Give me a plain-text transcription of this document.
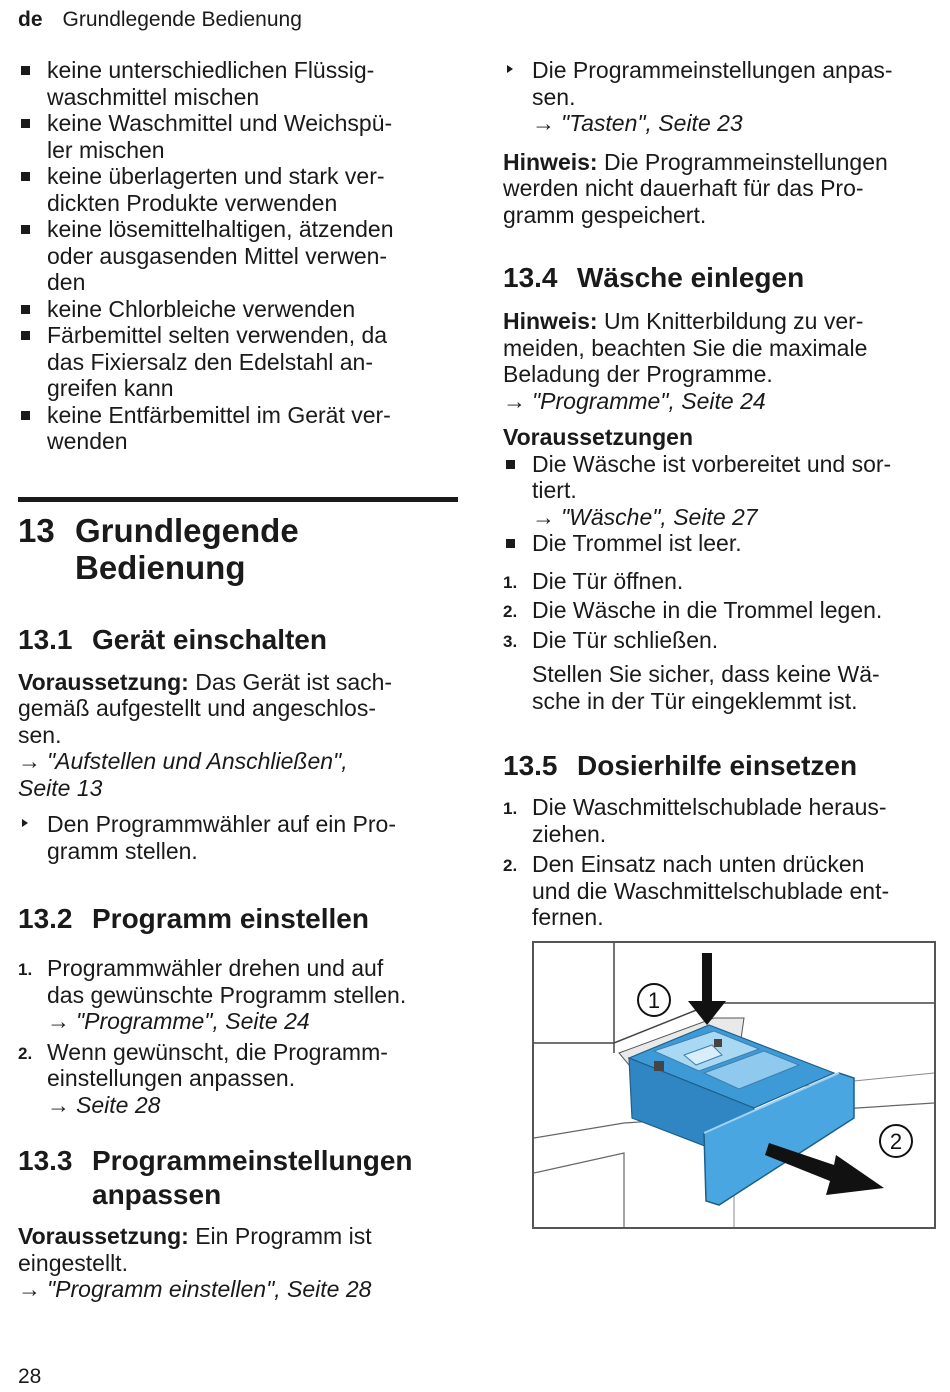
de Grundlegende Bedienung
keine unterschiedlichen Flüssig-
waschmittel mischen
keine Waschmittel und Weichspü-
ler mischen
keine überlagerten und stark ver-
dickten Produkte verwenden
keine lösemittelhaltigen, ätzenden
oder ausgasenden Mittel verwen-
den
keine Chlorbleiche verwenden
Färbemittel selten verwenden, da
das Fixiersalz den Edelstahl an-
greifen kann
keine Entfärbemittel im Gerät ver-
wenden
13 Grundlegende
Bedienung
13.1 Gerät einschalten

Voraussetzung: Das Gerät ist sach-
gemäß aufgestellt und angeschlos-
sen.

→ "Aufstellen und Anschließen",
Seite 13

Den Programmwähler auf ein Pro-
gramm stellen.
13.2 Programm einstellen
1. Programmwähler drehen und auf
das gewünschte Programm stellen.
→ "Programme", Seite 24
2. Wenn gewünscht, die Programm-
einstellungen anpassen.
→ Seite 28
13.3 Programmeinstellungen
anpassen

Voraussetzung: Ein Programm ist
eingestellt.

→ "Programm einstellen", Seite 28

Die Programmeinstellungen anpas-
sen.
→ "Tasten", Seite 23

Hinweis: Die Programmeinstellungen
werden nicht dauerhaft für das Pro-
gramm gespeichert.

13.4 Wäsche einlegen

Hinweis: Um Knitterbildung zu ver-
meiden, beachten Sie die maximale
Beladung der Programme.
→ "Programme", Seite 24

Voraussetzungen

Die Wäsche ist vorbereitet und sor-
tiert.
→ "Wäsche", Seite 27
Die Trommel ist leer.
1. Die Tür öffnen.
2. Die Wäsche in die Trommel legen.
3. Die Tür schließen.

Stellen Sie sicher, dass keine Wä-
sche in der Tür eingeklemmt ist.

13.5 Dosierhilfe einsetzen
1. Die Waschmittelschublade heraus-
ziehen.
2. Den Einsatz nach unten drücken
und die Waschmittelschublade ent-
fernen.
1
2
28
